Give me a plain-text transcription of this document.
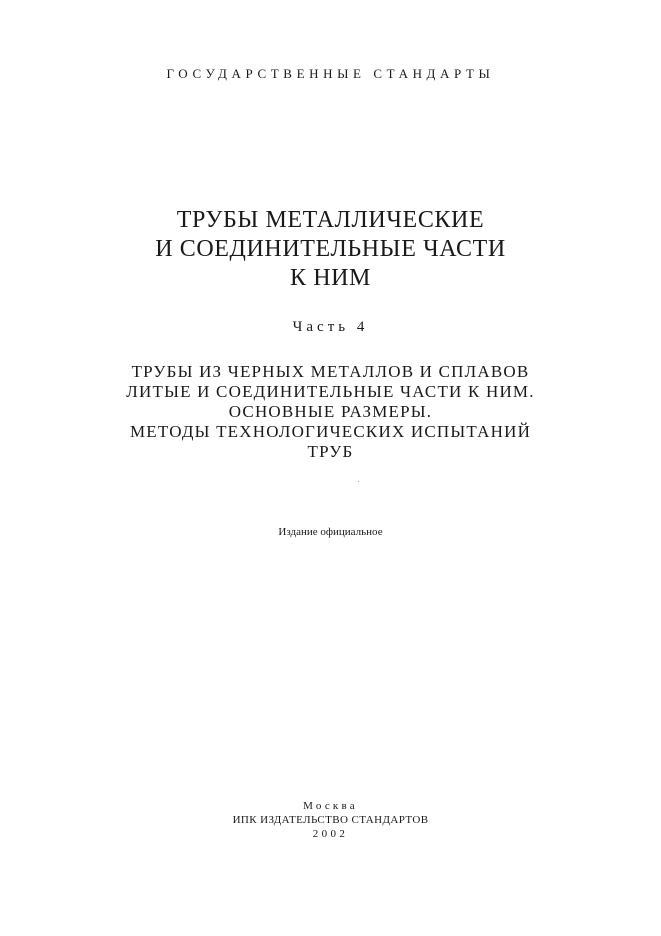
ГОСУДАРСТВЕННЫЕ СТАНДАРТЫ

ТРУБЫ МЕТАЛЛИЧЕСКИЕ
И СОЕДИНИТЕЛЬНЫЕ ЧАСТИ
К НИМ

Часть 4

ТРУБЫ ИЗ ЧЕРНЫХ МЕТАЛЛОВ И СПЛАВОВ
ЛИТЫЕ И СОЕДИНИТЕЛЬНЫЕ ЧАСТИ К НИМ.
ОСНОВНЫЕ РАЗМЕРЫ.
МЕТОДЫ ТЕХНОЛОГИЧЕСКИХ ИСПЫТАНИЙ
ТРУБ

Издание официальное

Москва

ИПК ИЗДАТЕЛЬСТВО СТАНДАРТОВ

2002
